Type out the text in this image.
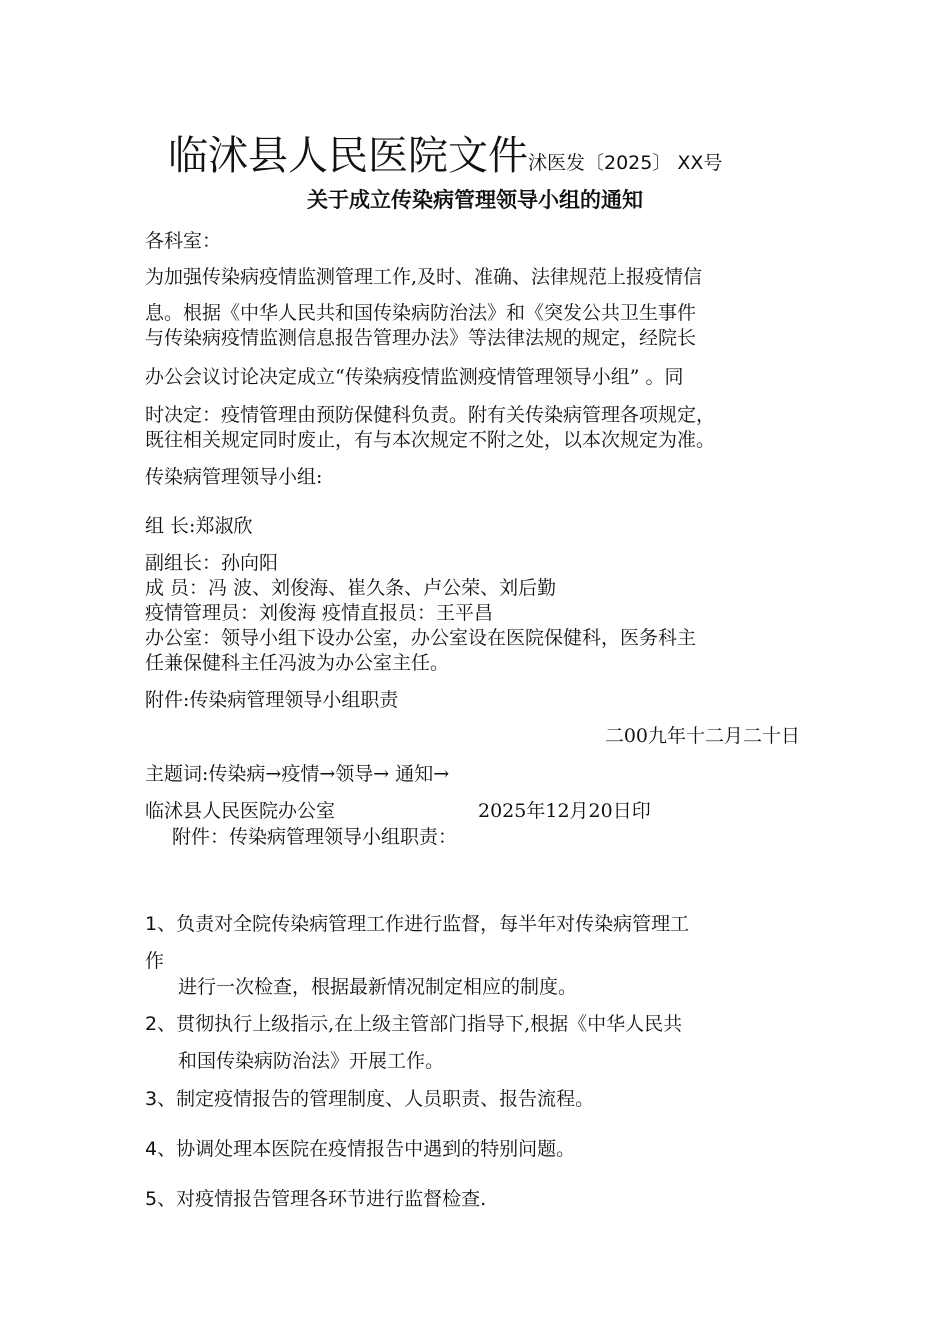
临沭县人民医院文件沭医发〔2025〕 XX号
关于成立传染病管理领导小组的通知
各科室：
为加强传染病疫情监测管理工作,及时、准确、法律规范上报疫情信
息。根据《中华人民共和国传染病防治法》和《突发公共卫生事件
与传染病疫情监测信息报告管理办法》等法律法规的规定，经院长
办公会议讨论决定成立“传染病疫情监测疫情管理领导小组” 。同
时决定：疫情管理由预防保健科负责。附有关传染病管理各项规定，
既往相关规定同时废止，有与本次规定不附之处，以本次规定为准。
传染病管理领导小组:
组 长:郑淑欣
副组长：孙向阳
成 员：冯 波、刘俊海、崔久条、卢公荣、刘后勤
疫情管理员：刘俊海 疫情直报员：王平昌
办公室：领导小组下设办公室，办公室设在医院保健科，医务科主
任兼保健科主任冯波为办公室主任。
附件:传染病管理领导小组职责
二00九年十二月二十日
主题词:传染病→疫情→领导→ 通知→
临沭县人民医院办公室	2025年12月20日印
附件：传染病管理领导小组职责：
1、负责对全院传染病管理工作进行监督，每半年对传染病管理工
作
进行一次检查，根据最新情况制定相应的制度。
2、贯彻执行上级指示,在上级主管部门指导下,根据《中华人民共
和国传染病防治法》开展工作。
3、制定疫情报告的管理制度、人员职责、报告流程。
4、协调处理本医院在疫情报告中遇到的特别问题。
5、对疫情报告管理各环节进行监督检查.
